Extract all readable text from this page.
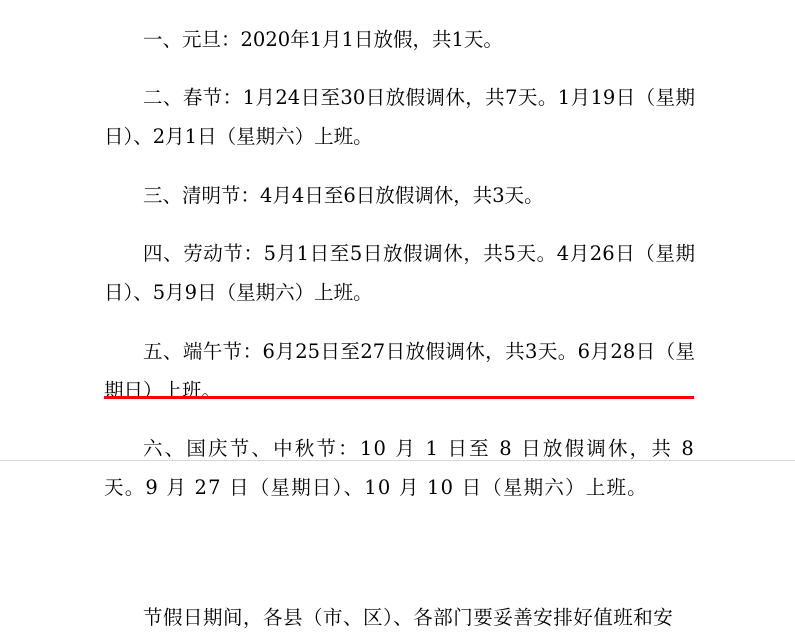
一、元旦：2020年1月1日放假，共1天。

二、春节：1月24日至30日放假调休，共7天。1月19日（星期日）、2月1日（星期六）上班。

三、清明节：4月4日至6日放假调休，共3天。

四、劳动节：5月1日至5日放假调休，共5天。4月26日（星期日）、5月9日（星期六）上班。

五、端午节：6月25日至27日放假调休，共3天。6月28日（星期日）上班。

六、国庆节、中秋节：10 月 1 日至 8 日放假调休，共 8 天。9 月 27 日（星期日）、10 月 10 日（星期六）上班。

节假日期间，各县（市、区）、各部门要妥善安排好值班和安
